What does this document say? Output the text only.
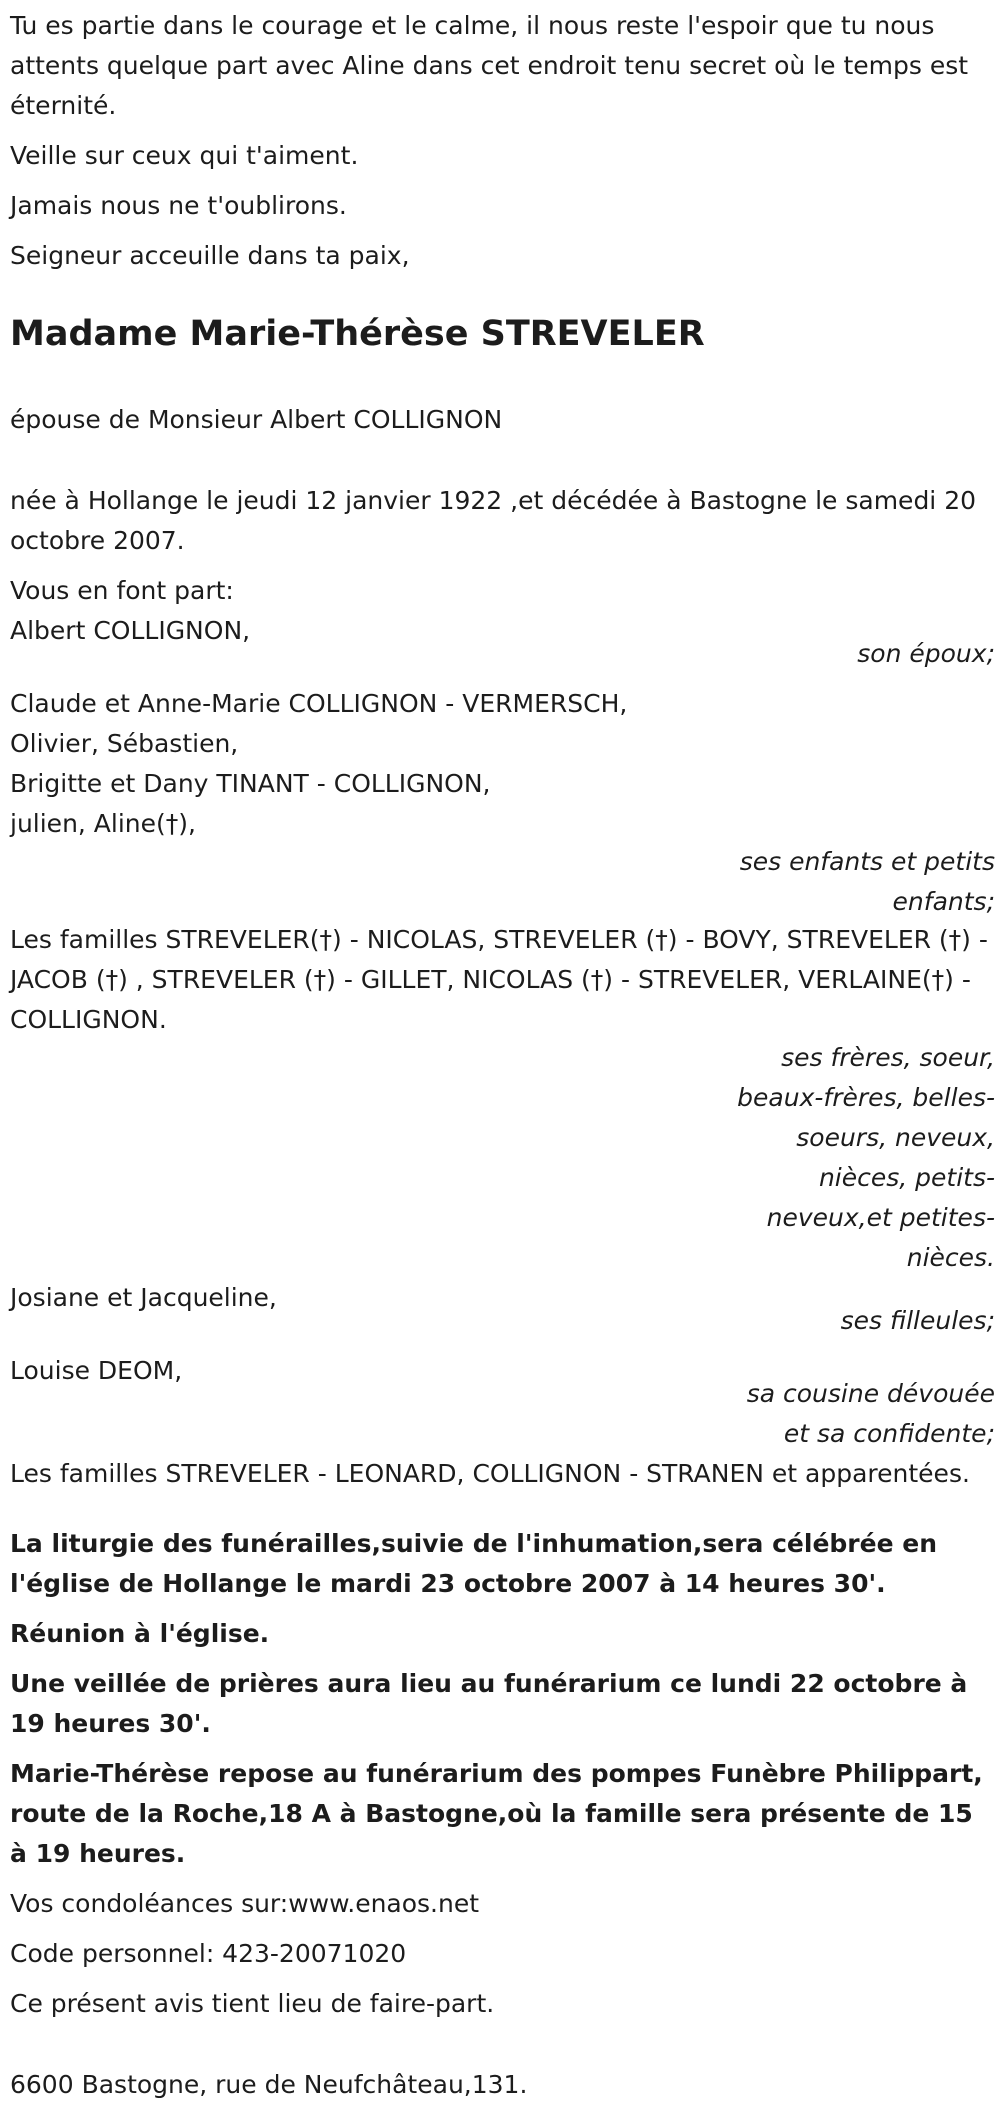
Tu es partie dans le courage et le calme, il nous reste l'espoir que tu nous attents quelque part avec Aline dans cet endroit tenu secret où le temps est éternité.

Veille sur ceux qui t'aiment.

Jamais nous ne t'oublirons.

Seigneur acceuille dans ta paix,

Madame Marie-Thérèse STREVELER

épouse de Monsieur Albert COLLIGNON

née à Hollange le jeudi 12 janvier 1922 ,et décédée à Bastogne le samedi 20 octobre 2007.

Vous en font part:

Albert COLLIGNON,

son époux;

Claude et Anne-Marie COLLIGNON - VERMERSCH,

Olivier, Sébastien,

Brigitte et Dany TINANT - COLLIGNON,

julien, Aline(†),

ses enfants et petits enfants;

Les familles STREVELER(†) - NICOLAS, STREVELER (†) - BOVY, STREVELER (†) - JACOB (†) , STREVELER (†) - GILLET, NICOLAS (†) - STREVELER, VERLAINE(†) - COLLIGNON.

ses frères, soeur, beaux-frères, belles-soeurs, neveux, nièces, petits-neveux,et petites-nièces.

Josiane et Jacqueline,

ses filleules;

Louise DEOM,

sa cousine dévouée et sa confidente;

Les familles STREVELER - LEONARD, COLLIGNON - STRANEN et apparentées.

La liturgie des funérailles,suivie de l'inhumation,sera célébrée en l'église de Hollange le mardi 23 octobre 2007 à 14 heures 30'.

Réunion à l'église.

Une veillée de prières aura lieu au funérarium ce lundi 22 octobre à 19 heures 30'.

Marie-Thérèse repose au funérarium des pompes Funèbre Philippart, route de la Roche,18 A à Bastogne,où la famille sera présente de 15 à 19 heures.

Vos condoléances sur:www.enaos.net

Code personnel: 423-20071020

Ce présent avis tient lieu de faire-part.

6600 Bastogne, rue de Neufchâteau,131.
